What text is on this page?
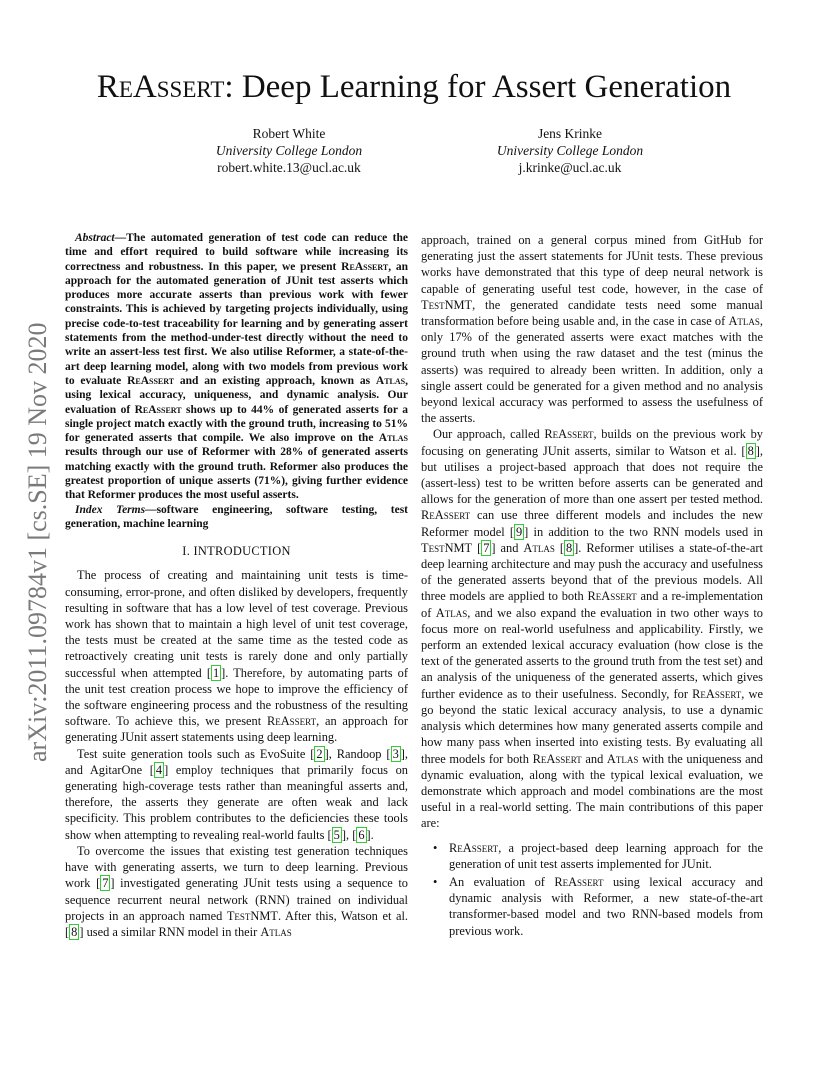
ReAssert: Deep Learning for Assert Generation
Robert White
University College London
robert.white.13@ucl.ac.uk
Jens Krinke
University College London
j.krinke@ucl.ac.uk
arXiv:2011.09784v1 [cs.SE] 19 Nov 2020

Abstract—The automated generation of test code can reduce the time and effort required to build software while increasing its correctness and robustness. In this paper, we present ReAssert, an approach for the automated generation of JUnit test asserts which produces more accurate asserts than previous work with fewer constraints. This is achieved by targeting projects individually, using precise code-to-test traceability for learning and by generating assert statements from the method-under-test directly without the need to write an assert-less test first. We also utilise Reformer, a state-of-the-art deep learning model, along with two models from previous work to evaluate ReAssert and an existing approach, known as Atlas, using lexical accuracy, uniqueness, and dynamic analysis. Our evaluation of ReAssert shows up to 44% of generated asserts for a single project match exactly with the ground truth, increasing to 51% for generated asserts that compile. We also improve on the Atlas results through our use of Reformer with 28% of generated asserts matching exactly with the ground truth. Reformer also produces the greatest proportion of unique asserts (71%), giving further evidence that Reformer produces the most useful asserts.

Index Terms—software engineering, software testing, test generation, machine learning

I. INTRODUCTION

The process of creating and maintaining unit tests is time-consuming, error-prone, and often disliked by developers, frequently resulting in software that has a low level of test coverage. Previous work has shown that to maintain a high level of unit test coverage, the tests must be created at the same time as the tested code as retroactively creating unit tests is rarely done and only partially successful when attempted [ 1 ]. Therefore, by automating parts of the unit test creation process we hope to improve the efficiency of the software engineering process and the robustness of the resulting software. To achieve this, we present ReAssert, an approach for generating JUnit assert statements using deep learning.

Test suite generation tools such as EvoSuite [ 2 ], Randoop [ 3 ], and AgitarOne [ 4 ] employ techniques that primarily focus on generating high-coverage tests rather than meaningful asserts and, therefore, the asserts they generate are often weak and lack specificity. This problem contributes to the deficiencies these tools show when attempting to revealing real-world faults [ 5 ], [ 6 ].

To overcome the issues that existing test generation techniques have with generating asserts, we turn to deep learning. Previous work [ 7 ] investigated generating JUnit tests using a sequence to sequence recurrent neural network (RNN) trained on individual projects in an approach named TestNMT. After this, Watson et al. [ 8 ] used a similar RNN model in their Atlas

approach, trained on a general corpus mined from GitHub for generating just the assert statements for JUnit tests. These previous works have demonstrated that this type of deep neural network is capable of generating useful test code, however, in the case of TestNMT, the generated candidate tests need some manual transformation before being usable and, in the case in case of Atlas, only 17% of the generated asserts were exact matches with the ground truth when using the raw dataset and the test (minus the asserts) was required to already been written. In addition, only a single assert could be generated for a given method and no analysis beyond lexical accuracy was performed to assess the usefulness of the asserts.

Our approach, called ReAssert, builds on the previous work by focusing on generating JUnit asserts, similar to Watson et al. [ 8 ], but utilises a project-based approach that does not require the (assert-less) test to be written before asserts can be generated and allows for the generation of more than one assert per tested method. ReAssert can use three different models and includes the new Reformer model [ 9 ] in addition to the two RNN models used in TestNMT [ 7 ] and Atlas [ 8 ]. Reformer utilises a state-of-the-art deep learning architecture and may push the accuracy and usefulness of the generated asserts beyond that of the previous models. All three models are applied to both ReAssert and a re-implementation of Atlas, and we also expand the evaluation in two other ways to focus more on real-world usefulness and applicability. Firstly, we perform an extended lexical accuracy evaluation (how close is the text of the generated asserts to the ground truth from the test set) and an analysis of the uniqueness of the generated asserts, which gives further evidence as to their usefulness. Secondly, for ReAssert, we go beyond the static lexical accuracy analysis, to use a dynamic analysis which determines how many generated asserts compile and how many pass when inserted into existing tests. By evaluating all three models for both ReAssert and Atlas with the uniqueness and dynamic evaluation, along with the typical lexical evaluation, we demonstrate which approach and model combinations are the most useful in a real-world setting. The main contributions of this paper are:

• ReAssert, a project-based deep learning approach for the generation of unit test asserts implemented for JUnit.
• An evaluation of ReAssert using lexical accuracy and dynamic analysis with Reformer, a new state-of-the-art transformer-based model and two RNN-based models from previous work.
